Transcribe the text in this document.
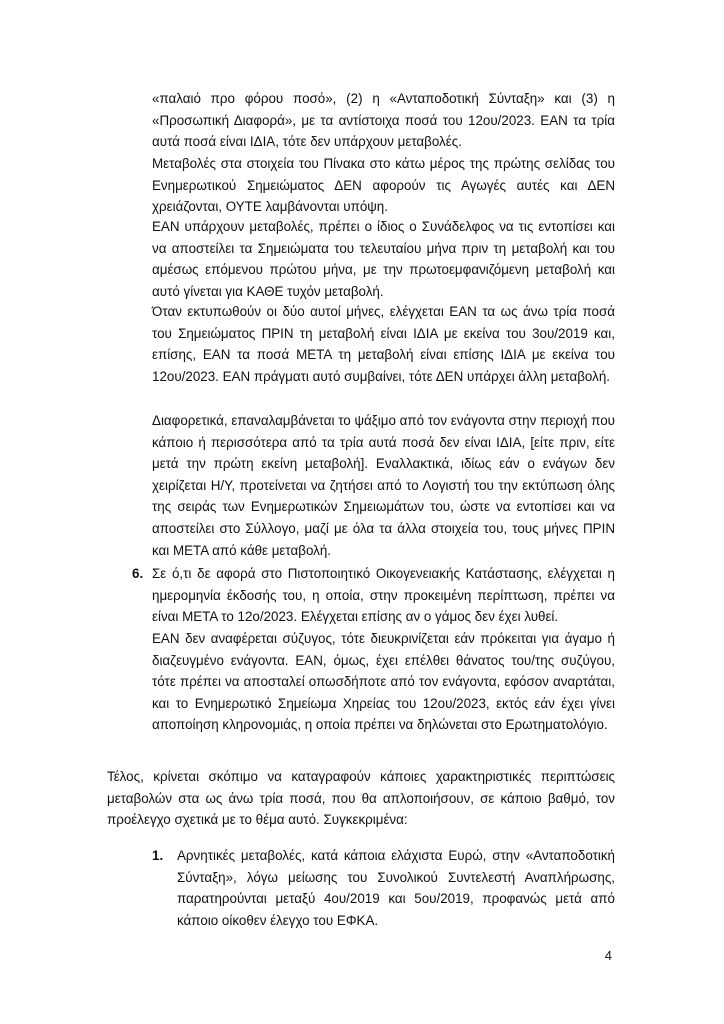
«παλαιό προ φόρου ποσό», (2) η «Ανταποδοτική Σύνταξη» και (3) η «Προσωπική Διαφορά», με τα αντίστοιχα ποσά του 12ου/2023. ΕΑΝ τα τρία αυτά ποσά είναι ΙΔΙΑ, τότε δεν υπάρχουν μεταβολές.

Μεταβολές στα στοιχεία του Πίνακα στο κάτω μέρος της πρώτης σελίδας του Ενημερωτικού Σημειώματος ΔΕΝ αφορούν τις Αγωγές αυτές και ΔΕΝ χρειάζονται, ΟΥΤΕ λαμβάνονται υπόψη.

ΕΑΝ υπάρχουν μεταβολές, πρέπει ο ίδιος ο Συνάδελφος να τις εντοπίσει και να αποστείλει τα Σημειώματα του τελευταίου μήνα πριν τη μεταβολή και του αμέσως επόμενου πρώτου μήνα, με την πρωτοεμφανιζόμενη μεταβολή και αυτό γίνεται για ΚΑΘΕ τυχόν μεταβολή.

Όταν εκτυπωθούν οι δύο αυτοί μήνες, ελέγχεται ΕΑΝ τα ως άνω τρία ποσά του Σημειώματος ΠΡΙΝ τη μεταβολή είναι ΙΔΙΑ με εκείνα του 3ου/2019 και, επίσης, ΕΑΝ τα ποσά ΜΕΤΑ τη μεταβολή είναι επίσης ΙΔΙΑ με εκείνα του 12ου/2023. ΕΑΝ πράγματι αυτό συμβαίνει, τότε ΔΕΝ υπάρχει άλλη μεταβολή.

Διαφορετικά, επαναλαμβάνεται το ψάξιμο από τον ενάγοντα στην περιοχή που κάποιο ή περισσότερα από τα τρία αυτά ποσά δεν είναι ΙΔΙΑ, [είτε πριν, είτε μετά την πρώτη εκείνη μεταβολή]. Εναλλακτικά, ιδίως εάν ο ενάγων δεν χειρίζεται Η/Υ, προτείνεται να ζητήσει από το Λογιστή του την εκτύπωση όλης της σειράς των Ενημερωτικών Σημειωμάτων του, ώστε να εντοπίσει και να αποστείλει στο Σύλλογο, μαζί με όλα τα άλλα στοιχεία του, τους μήνες ΠΡΙΝ και ΜΕΤΑ από κάθε μεταβολή.

6. Σε ό,τι δε αφορά στο Πιστοποιητικό Οικογενειακής Κατάστασης, ελέγχεται η ημερομηνία έκδοσής του, η οποία, στην προκειμένη περίπτωση, πρέπει να είναι ΜΕΤΑ το 12ο/2023. Ελέγχεται επίσης αν ο γάμος δεν έχει λυθεί.

ΕΑΝ δεν αναφέρεται σύζυγος, τότε διευκρινίζεται εάν πρόκειται για άγαμο ή διαζευγμένο ενάγοντα. ΕΑΝ, όμως, έχει επέλθει θάνατος του/της συζύγου, τότε πρέπει να αποσταλεί οπωσδήποτε από τον ενάγοντα, εφόσον αναρτάται, και το Ενημερωτικό Σημείωμα Χηρείας του 12ου/2023, εκτός εάν έχει γίνει αποποίηση κληρονομιάς, η οποία πρέπει να δηλώνεται στο Ερωτηματολόγιο.

Τέλος, κρίνεται σκόπιμο να καταγραφούν κάποιες χαρακτηριστικές περιπτώσεις μεταβολών στα ως άνω τρία ποσά, που θα απλοποιήσουν, σε κάποιο βαθμό, τον προέλεγχο σχετικά με το θέμα αυτό. Συγκεκριμένα:

1. Αρνητικές μεταβολές, κατά κάποια ελάχιστα Ευρώ, στην «Ανταποδοτική Σύνταξη», λόγω μείωσης του Συνολικού Συντελεστή Αναπλήρωσης, παρατηρούνται μεταξύ 4ου/2019 και 5ου/2019, προφανώς μετά από κάποιο οίκοθεν έλεγχο του ΕΦΚΑ.

4
